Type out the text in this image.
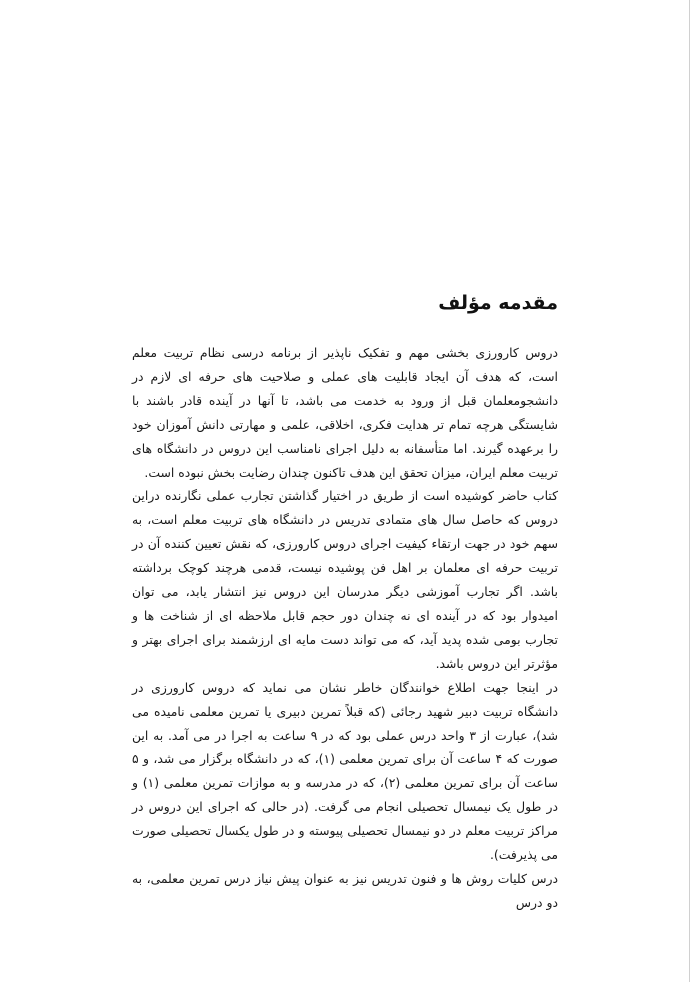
مقدمه مؤلف

دروس کارورزی بخشی مهم و تفکیک ناپذیر از برنامه درسی نظام تربیت معلم است، که هدف آن ایجاد قابلیت های عملی و صلاحیت های حرفه ای لازم در دانشجومعلمان قبل از ورود به خدمت می باشد، تا آنها در آینده قادر باشند با شایستگی هرچه تمام تر هدایت فکری، اخلاقی، علمی و مهارتی دانش آموزان خود را برعهده گیرند. اما متأسفانه به دلیل اجرای نامناسب این دروس در دانشگاه های تربیت معلم ایران، میزان تحقق این هدف تاکنون چندان رضایت بخش نبوده است.

کتاب حاضر کوشیده است از طریق در اختیار گذاشتن تجارب عملی نگارنده دراین دروس که حاصل سال های متمادی تدریس در دانشگاه های تربیت معلم است، به سهم خود در جهت ارتقاء کیفیت اجرای دروس کارورزی، که نقش تعیین کننده آن در تربیت حرفه ای معلمان بر اهل فن پوشیده نیست، قدمی هرچند کوچک برداشته باشد. اگر تجارب آموزشی دیگر مدرسان این دروس نیز انتشار یابد، می توان امیدوار بود که در آینده ای نه چندان دور حجم قابل ملاحظه ای از شناخت ها و تجارب بومی شده پدید آید، که می تواند دست مایه ای ارزشمند برای اجرای بهتر و مؤثرتر این دروس باشد.

در اینجا جهت اطلاع خوانندگان خاطر نشان می نماید که دروس کارورزی در دانشگاه تربیت دبیر شهید رجائی (که قبلاً تمرین دبیری یا تمرین معلمی نامیده می شد)، عبارت از ۳ واحد درس عملی بود که در ۹ ساعت به اجرا در می آمد. به این صورت که ۴ ساعت آن برای تمرین معلمی (۱)، که در دانشگاه برگزار می شد، و ۵ ساعت آن برای تمرین معلمی (۲)، که در مدرسه و به موازات تمرین معلمی (۱) و در طول یک نیمسال تحصیلی انجام می گرفت. (در حالی که اجرای این دروس در مراکز تربیت معلم در دو نیمسال تحصیلی پیوسته و در طول یکسال تحصیلی صورت می پذیرفت).

درس کلیات روش ها و فنون تدریس نیز به عنوان پیش نیاز درس تمرین معلمی، به دو درس
